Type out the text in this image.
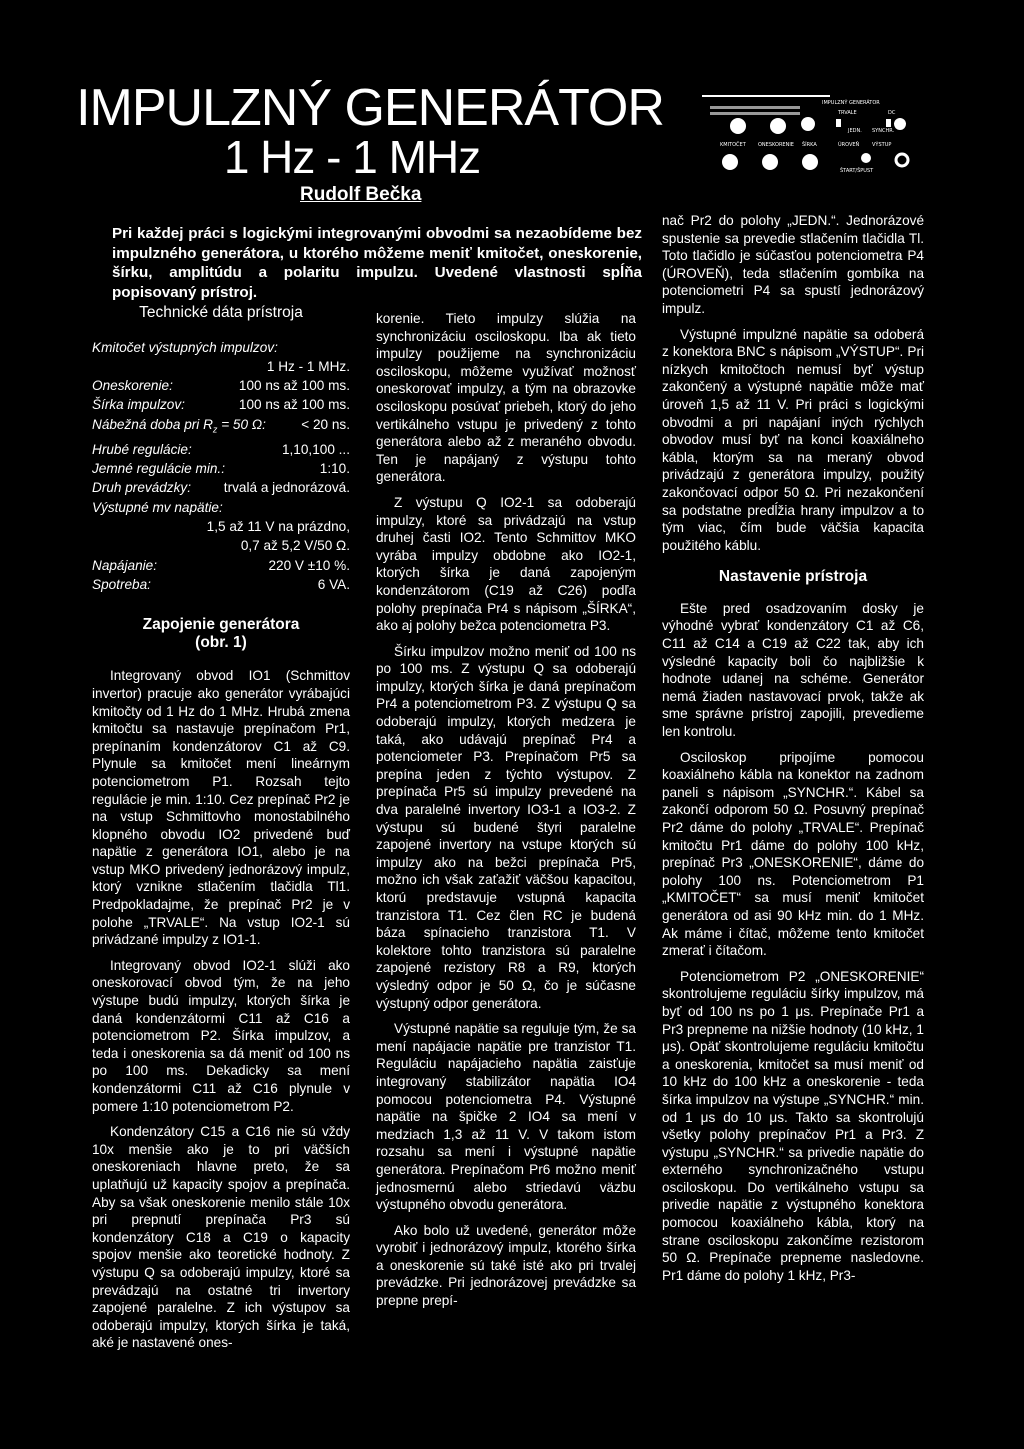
IMPULZNÝ GENERÁTOR
1 Hz - 1 MHz
Rudolf Bečka

Pri každej práci s logickými integrovanými obvodmi sa nezaobídeme bez impulzného generátora, u ktorého môžeme meniť kmitočet, oneskorenie, šírku, amplitúdu a polaritu impulzu. Uvedené vlastnosti spĺňa popisovaný prístroj.

IMPULZNÝ GENERÁTOR
TRVALE
JEDN.
DC
SYNCHR.
KMITOČET ONESKORENIE ŠÍRKA	ÚROVEŇ	VÝSTUP
ŠTART/ŠPUST
Technické dáta prístroja
Kmitočet výstupných impulzov:
1 Hz - 1 MHz.
Oneskorenie:	100 ns až 100 ms.
Šírka impulzov:	100 ns až 100 ms.
Nábežná doba pri $R_z = 50$ Ω:	< 20 ns.
Hrubé regulácie:	1,10,100 ...
Jemné regulácie min.:	1:10.
Druh prevádzky: trvalá a jednorázová.
Výstupné mv napätie:
1,5 až 11 V na prázdno,
0,7 až 5,2 V/50 Ω.
Napájanie:	220 V ±10 %.
Spotreba:	6 VA.
Zapojenie generátora
(obr. 1)

Integrovaný obvod IO1 (Schmittov invertor) pracuje ako generátor vyrábajúci kmitočty od 1 Hz do 1 MHz. Hrubá zmena kmitočtu sa nastavuje prepínačom Pr1, prepínaním kondenzátorov C1 až C9. Plynule sa kmitočet mení lineárnym potenciometrom P1. Rozsah tejto regulácie je min. 1:10. Cez prepínač Pr2 je na vstup Schmittovho monostabilného klopného obvodu IO2 privedené buď napätie z generátora IO1, alebo je na vstup MKO privedený jednorázový impulz, ktorý vznikne stlačením tlačidla Tl1. Predpokladajme, že prepínač Pr2 je v polohe „TRVALE“. Na vstup IO2-1 sú privádzané impulzy z IO1-1.

Integrovaný obvod IO2-1 slúži ako oneskorovací obvod tým, že na jeho výstupe budú impulzy, ktorých šírka je daná kondenzátormi C11 až C16 a potenciometrom P2. Šírka impulzov, a teda i oneskorenia sa dá meniť od 100 ns po 100 ms. Dekadicky sa mení kondenzátormi C11 až C16 plynule v pomere 1:10 potenciometrom P2.

Kondenzátory C15 a C16 nie sú vždy 10x menšie ako je to pri väčších oneskoreniach hlavne preto, že sa uplatňujú už kapacity spojov a prepínača. Aby sa však oneskorenie menilo stále 10x pri prepnutí prepínača Pr3 sú kondenzátory C18 a C19 o kapacity spojov menšie ako teoretické hodnoty. Z výstupu Q sa odoberajú impulzy, ktoré sa prevádzajú na ostatné tri invertory zapojené paralelne. Z ich výstupov sa odoberajú impulzy, ktorých šírka je taká, aké je nastavené ones-

korenie. Tieto impulzy slúžia na synchronizáciu osciloskopu. Iba ak tieto impulzy použijeme na synchronizáciu osciloskopu, môžeme využívať možnosť oneskorovať impulzy, a tým na obrazovke osciloskopu posúvať priebeh, ktorý do jeho vertikálneho vstupu je privedený z tohto generátora alebo až z meraného obvodu. Ten je napájaný z výstupu tohto generátora.

Z výstupu Q IO2-1 sa odoberajú impulzy, ktoré sa privádzajú na vstup druhej časti IO2. Tento Schmittov MKO vyrába impulzy obdobne ako IO2-1, ktorých šírka je daná zapojeným kondenzátorom (C19 až C26) podľa polohy prepínača Pr4 s nápisom „ŠÍRKA“, ako aj polohy bežca potenciometra P3.

Šírku impulzov možno meniť od 100 ns po 100 ms. Z výstupu Q sa odoberajú impulzy, ktorých šírka je daná prepínačom Pr4 a potenciometrom P3. Z výstupu Q sa odoberajú impulzy, ktorých medzera je taká, ako udávajú prepínač Pr4 a potenciometer P3. Prepínačom Pr5 sa prepína jeden z týchto výstupov. Z prepínača Pr5 sú impulzy prevedené na dva paralelné invertory IO3-1 a IO3-2. Z výstupu sú budené štyri paralelne zapojené invertory na vstupe ktorých sú impulzy ako na bežci prepínača Pr5, možno ich však zaťažiť väčšou kapacitou, ktorú predstavuje vstupná kapacita tranzistora T1. Cez člen RC je budená báza spínacieho tranzistora T1. V kolektore tohto tranzistora sú paralelne zapojené rezistory R8 a R9, ktorých výsledný odpor je 50 Ω, čo je súčasne výstupný odpor generátora.

Výstupné napätie sa reguluje tým, že sa mení napájacie napätie pre tranzistor T1. Reguláciu napájacieho napätia zaisťuje integrovaný stabilizátor napätia IO4 pomocou potenciometra P4. Výstupné napätie na špičke 2 IO4 sa mení v medziach 1,3 až 11 V. V takom istom rozsahu sa mení i výstupné napätie generátora. Prepínačom Pr6 možno meniť jednosmernú alebo striedavú väzbu výstupného obvodu generátora.

Ako bolo už uvedené, generátor môže vyrobiť i jednorázový impulz, ktorého šírka a oneskorenie sú také isté ako pri trvalej prevádzke. Pri jednorázovej prevádzke sa prepne prepí-

nač Pr2 do polohy „JEDN.“. Jednorázové spustenie sa prevedie stlačením tlačidla Tl. Toto tlačidlo je súčasťou potenciometra P4 (ÚROVEŇ), teda stlačením gombíka na potenciometri P4 sa spustí jednorázový impulz.

Výstupné impulzné napätie sa odoberá z konektora BNC s nápisom „VÝSTUP“. Pri nízkych kmitočtoch nemusí byť výstup zakončený a výstupné napätie môže mať úroveň 1,5 až 11 V. Pri práci s logickými obvodmi a pri napájaní iných rýchlych obvodov musí byť na konci koaxiálneho kábla, ktorým sa na meraný obvod privádzajú z generátora impulzy, použitý zakončovací odpor 50 Ω. Pri nezakončení sa podstatne predĺžia hrany impulzov a to tým viac, čím bude väčšia kapacita použitého káblu.

Nastavenie prístroja

Ešte pred osadzovaním dosky je výhodné vybrať kondenzátory C1 až C6, C11 až C14 a C19 až C22 tak, aby ich výsledné kapacity boli čo najbližšie k hodnote udanej na schéme. Generátor nemá žiaden nastavovací prvok, takže ak sme správne prístroj zapojili, prevedieme len kontrolu.

Osciloskop pripojíme pomocou koaxiálneho kábla na konektor na zadnom paneli s nápisom „SYNCHR.“. Kábel sa zakončí odporom 50 Ω. Posuvný prepínač Pr2 dáme do polohy „TRVALE“. Prepínač kmitočtu Pr1 dáme do polohy 100 kHz, prepínač Pr3 „ONESKORENIE“, dáme do polohy 100 ns. Potenciometrom P1 „KMITOČET“ sa musí meniť kmitočet generátora od asi 90 kHz min. do 1 MHz. Ak máme i čítač, môžeme tento kmitočet zmerať i čítačom.

Potenciometrom P2 „ONESKORENIE“ skontrolujeme reguláciu šírky impulzov, má byť od 100 ns po 1 μs. Prepínače Pr1 a Pr3 prepneme na nižšie hodnoty (10 kHz, 1 μs). Opäť skontrolujeme reguláciu kmitočtu a oneskorenia, kmitočet sa musí meniť od 10 kHz do 100 kHz a oneskorenie - teda šírka impulzov na výstupe „SYNCHR.“ min. od 1 μs do 10 μs. Takto sa skontrolujú všetky polohy prepínačov Pr1 a Pr3. Z výstupu „SYNCHR.“ sa privedie napätie do externého synchronizačného vstupu osciloskopu. Do vertikálneho vstupu sa privedie napätie z výstupného konektora pomocou koaxiálneho kábla, ktorý na strane osciloskopu zakončíme rezistorom 50 Ω. Prepínače prepneme nasledovne. Pr1 dáme do polohy 1 kHz, Pr3-
